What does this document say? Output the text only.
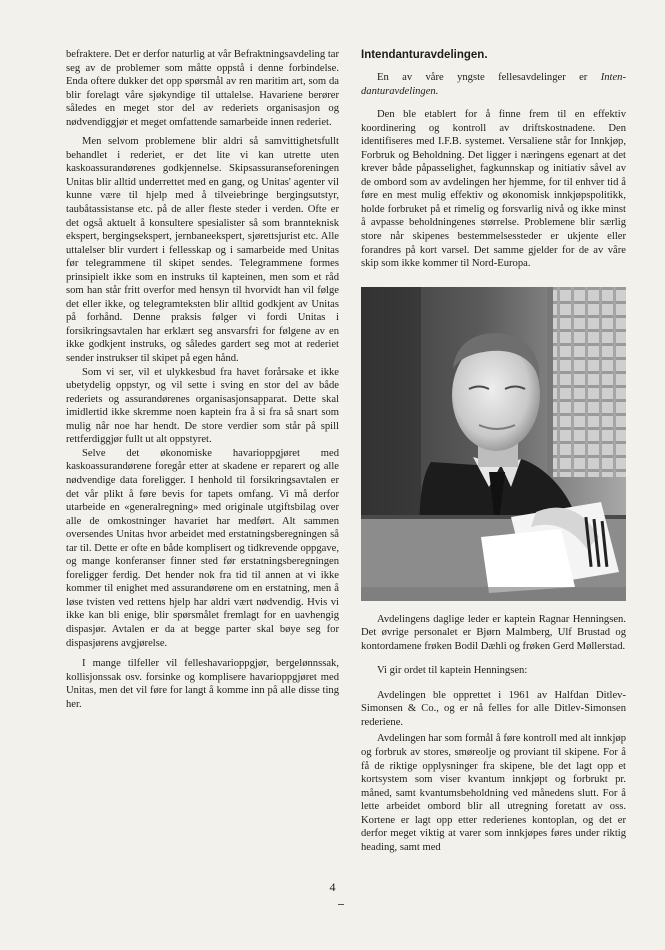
befraktere. Det er derfor naturlig at vår Befraktningsavdeling tar seg av de problemer som måtte oppstå i denne forbindelse. Enda oftere dukker det opp spørsmål av ren maritim art, som da blir forelagt våre sjøkyndige til uttalelse. Havariene berører således en meget stor del av rederiets organisasjon og nødvendiggjør et meget omfattende samarbeide innen rederiet.

Men selvom problemene blir aldri så samvittighetsfullt behandlet i rederiet, er det lite vi kan utrette uten kaskoassurandørenes godkjennelse. Skipsassuranseforeningen Unitas blir alltid underrettet med en gang, og Unitas' agenter vil kunne være til hjelp med å tilveiebringe bergingsutstyr, taubåtassistanse etc. på de aller fleste steder i verden. Ofte er det også aktuelt å konsultere spesialister så som brannteknisk ekspert, bergingsekspert, jernbaneekspert, sjørettsjurist etc. Alle uttalelser blir vurdert i fellesskap og i samarbeide med Unitas før telegrammene til skipet sendes. Telegrammene formes prinsipielt ikke som en instruks til kapteinen, men som et råd som han står fritt overfor med hensyn til hvorvidt han vil følge det eller ikke, og telegramteksten blir alltid godkjent av Unitas på forhånd. Denne praksis følger vi fordi Unitas i forsikringsavtalen har erklært seg ansvarsfri for følgene av en ikke godkjent instruks, og således gardert seg mot at rederiet sender instrukser til skipet på egen hånd.

Som vi ser, vil et ulykkesbud fra havet forårsake et ikke ubetydelig oppstyr, og vil sette i sving en stor del av både rederiets og assurandørenes organisasjonsapparat. Dette skal imidlertid ikke skremme noen kaptein fra å si fra så snart som mulig når noe har hendt. De store verdier som står på spill rettferdiggjør fullt ut alt oppstyret.

Selve det økonomiske havarioppgjøret med kaskoassurandørene foregår etter at skadene er reparert og alle nødvendige data foreligger. I henhold til forsikringsavtalen er det vår plikt å føre bevis for tapets omfang. Vi må derfor utarbeide en «generalregning» med originale utgiftsbilag over alle de omkostninger havariet har medført. Alt sammen oversendes Unitas hvor arbeidet med erstatningsberegningen så tar til. Dette er ofte en både komplisert og tidkrevende oppgave, og mange konferanser finner sted før erstatningsberegningen foreligger ferdig. Det hender nok fra tid til annen at vi ikke kommer til enighet med assurandørene om en erstatning, men å løse tvisten ved rettens hjelp har aldri vært nødvendig. Hvis vi ikke kan bli enige, blir spørsmålet fremlagt for en uavhengig dispasjør. Avtalen er da at begge parter skal bøye seg for dispasjørens avgjørelse.

I mange tilfeller vil felleshavarioppgjør, bergelønnssak, kollisjonssak osv. forsinke og komplisere havarioppgjøret med Unitas, men det vil føre for langt å komme inn på alle disse ting her.

Intendanturavdelingen.

En av våre yngste fellesavdelinger er Intendanturavdelingen.

Den ble etablert for å finne frem til en effektiv koordinering og kontroll av driftskostnadene. Den identifiseres med I.F.B. systemet. Versaliene står for Innkjøp, Forbruk og Beholdning. Det ligger i næringens egenart at det krever både påpasselighet, fagkunnskap og initiativ såvel av de ombord som av avdelingen her hjemme, for til enhver tid å føre en mest mulig effektiv og økonomisk innkjøpspolitikk, holde forbruket på et rimelig og forsvarlig nivå og ikke minst å avpasse beholdningenes størrelse. Problemene blir særlig store når skipenes bestemmelsessteder er ukjente eller forandres på kort varsel. Det samme gjelder for de av våre skip som ikke kommer til Nord-Europa.

Avdelingens daglige leder er kaptein Ragnar Henningsen. Det øvrige personalet er Bjørn Malmberg, Ulf Brustad og kontordamene frøken Bodil Dæhli og frøken Gerd Møllerstad.

Vi gir ordet til kaptein Henningsen:

Avdelingen ble opprettet i 1961 av Halfdan Ditlev-Simonsen & Co., og er nå felles for alle Ditlev-Simonsen rederiene.

Avdelingen har som formål å føre kontroll med alt innkjøp og forbruk av stores, smøreolje og proviant til skipene. For å få de riktige opplysninger fra skipene, ble det lagt opp et kortsystem som viser kvantum innkjøpt og forbrukt pr. måned, samt kvantumsbeholdning ved månedens slutt. For å lette arbeidet ombord blir all utregning foretatt av oss. Kortene er lagt opp etter rederienes kontoplan, og det er derfor meget viktig at varer som innkjøpes føres under riktig heading, samt med

4
